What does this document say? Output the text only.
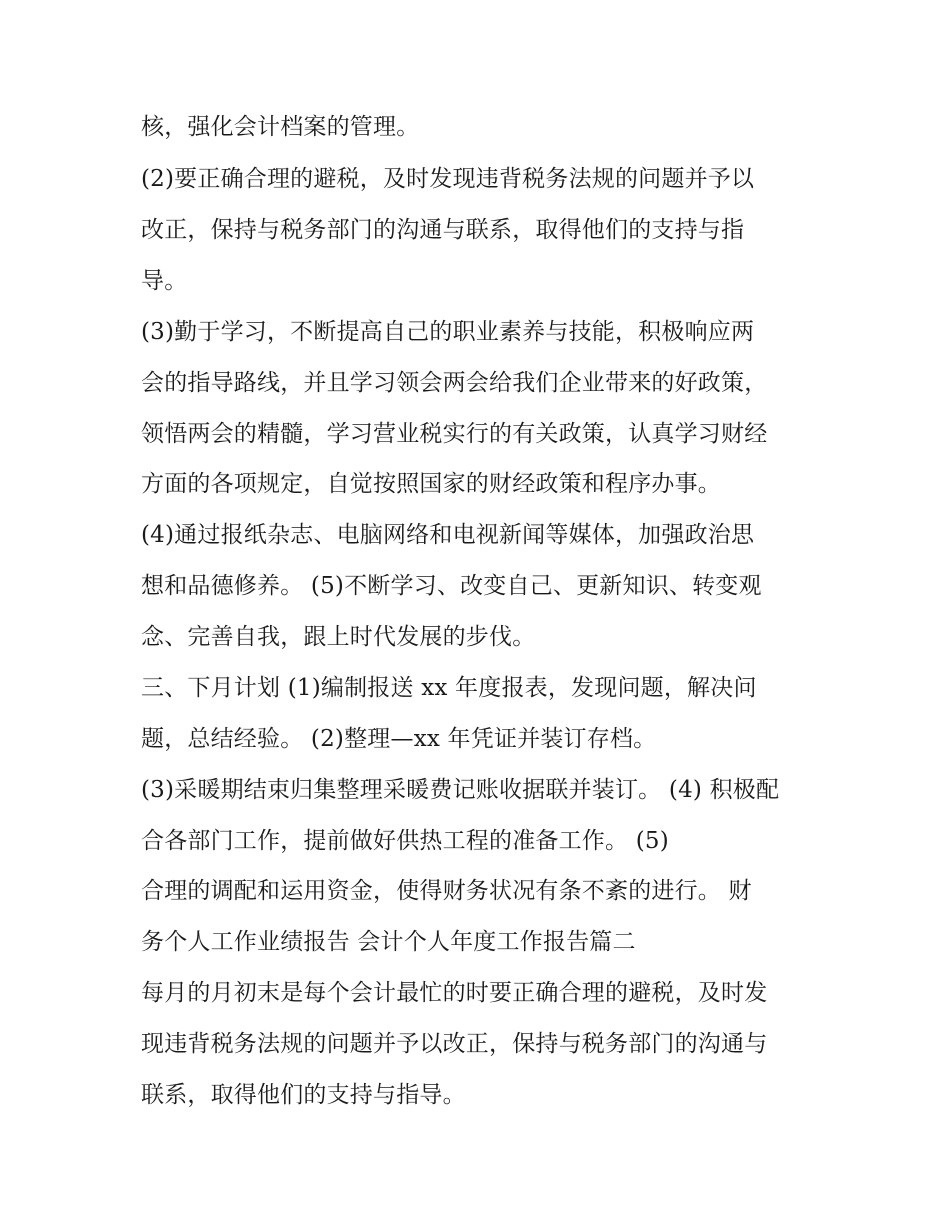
核，强化会计档案的管理。
(2)要正确合理的避税，及时发现违背税务法规的问题并予以
改正，保持与税务部门的沟通与联系，取得他们的支持与指
导。
(3)勤于学习，不断提高自己的职业素养与技能，积极响应两
会的指导路线，并且学习领会两会给我们企业带来的好政策，
领悟两会的精髓，学习营业税实行的有关政策，认真学习财经
方面的各项规定，自觉按照国家的财经政策和程序办事。
(4)通过报纸杂志、电脑网络和电视新闻等媒体，加强政治思
想和品德修养。 (5)不断学习、改变自己、更新知识、转变观
念、完善自我，跟上时代发展的步伐。
三、下月计划 (1)编制报送 xx 年度报表，发现问题，解决问
题，总结经验。 (2)整理—xx 年凭证并装订存档。
(3)采暖期结束归集整理采暖费记账收据联并装订。 (4) 积极配
合各部门工作，提前做好供热工程的准备工作。 (5)
合理的调配和运用资金，使得财务状况有条不紊的进行。 财
务个人工作业绩报告 会计个人年度工作报告篇二
每月的月初末是每个会计最忙的时要正确合理的避税，及时发
现违背税务法规的问题并予以改正，保持与税务部门的沟通与
联系，取得他们的支持与指导。
